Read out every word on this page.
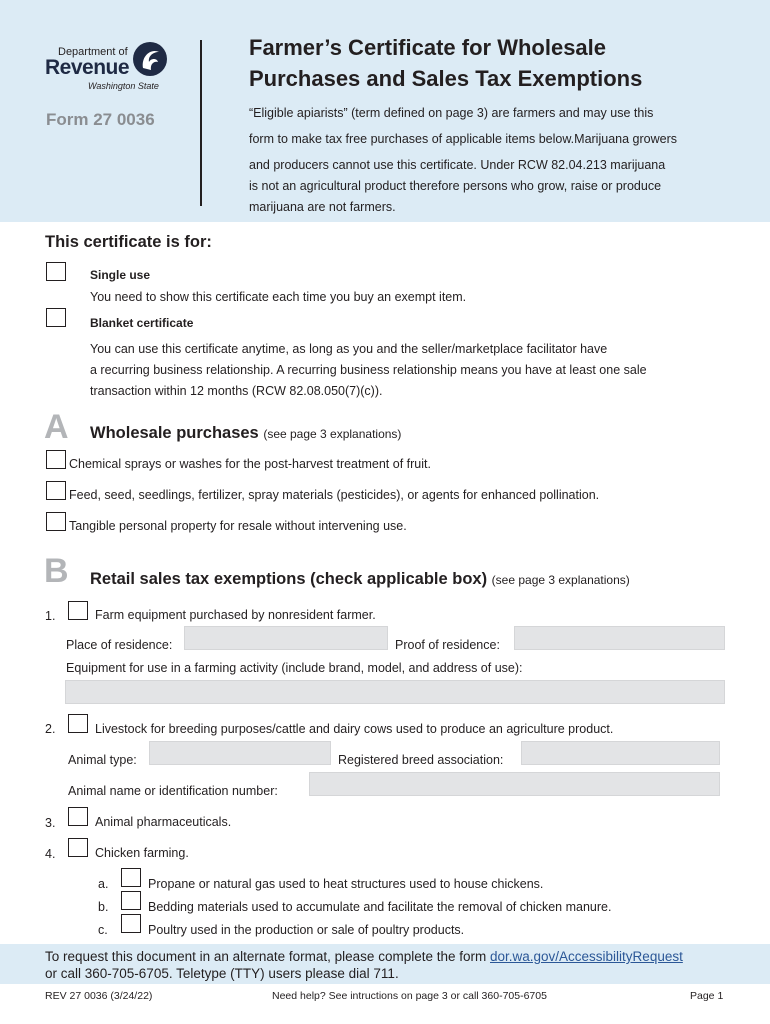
Department of
Revenue
Washington State
Form 27 0036
Farmer’s Certificate for Wholesale
Purchases and Sales Tax Exemptions
“Eligible apiarists” (term defined on page 3) are farmers and may use this
form to make tax free purchases of applicable items below.Marijuana growers
and producers cannot use this certificate. Under RCW 82.04.213 marijuana
is not an agricultural product therefore persons who grow, raise or produce
marijuana are not farmers.
This certificate is for:
Single use
You need to show this certificate each time you buy an exempt item.
Blanket certificate
You can use this certificate anytime, as long as you and the seller/marketplace facilitator have
a recurring business relationship. A recurring business relationship means you have at least one sale
transaction within 12 months (RCW 82.08.050(7)(c)).
A Wholesale purchases (see page 3 explanations)
Chemical sprays or washes for the post-harvest treatment of fruit.
Feed, seed, seedlings, fertilizer, spray materials (pesticides), or agents for enhanced pollination.
Tangible personal property for resale without intervening use.
B Retail sales tax exemptions (check applicable box) (see page 3 explanations)
1.	Farm equipment purchased by nonresident farmer.
Place of residence:	Proof of residence:
Equipment for use in a farming activity (include brand, model, and address of use):
2.	Livestock for breeding purposes/cattle and dairy cows used to produce an agriculture product.
Animal type:	Registered breed association:
Animal name or identification number:
3.	Animal pharmaceuticals.
4.	Chicken farming.
a.	Propane or natural gas used to heat structures used to house chickens.
b.	Bedding materials used to accumulate and facilitate the removal of chicken manure.
c.	Poultry used in the production or sale of poultry products.
To request this document in an alternate format, please complete the form dor.wa.gov/AccessibilityRequest
or call 360-705-6705. Teletype (TTY) users please dial 711.
REV 27 0036 (3/24/22)	Need help? See intructions on page 3 or call 360-705-6705	Page 1
